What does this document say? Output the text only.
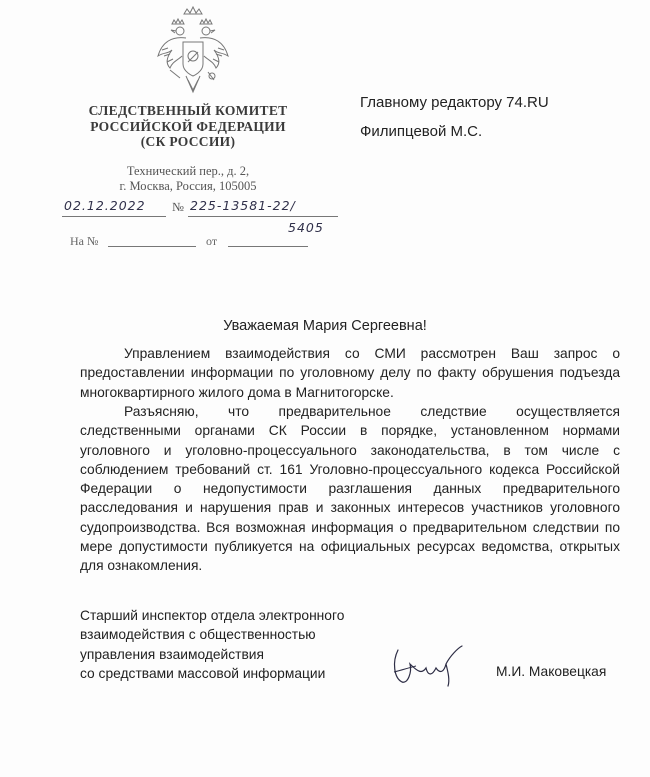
СЛЕДСТВЕННЫЙ КОМИТЕТ
РОССИЙСКОЙ ФЕДЕРАЦИИ
(СК РОССИИ)
Технический пер., д. 2,
г. Москва, Россия, 105005
02.12.2022 № 225-13581-22/
5405
На №	от
Главному редактору 74.RU
Филипцевой М.С.
Уважаемая Мария Сергеевна!

Управлением взаимодействия со СМИ рассмотрен Ваш запрос о предоставлении информации по уголовному делу по факту обрушения подъезда многоквартирного жилого дома в Магнитогорске.

Разъясняю, что предварительное следствие осуществляется следственными органами СК России в порядке, установленном нормами уголовного и уголовно-процессуального законодательства, в том числе с соблюдением требований ст. 161 Уголовно-процессуального кодекса Российской Федерации о недопустимости разглашения данных предварительного расследования и нарушения прав и законных интересов участников уголовного судопроизводства. Вся возможная информация о предварительном следствии по мере допустимости публикуется на официальных ресурсах ведомства, открытых для ознакомления.

Старший инспектор отдела электронного
взаимодействия с общественностью
управления взаимодействия
со средствами массовой информации	М.И. Маковецкая
